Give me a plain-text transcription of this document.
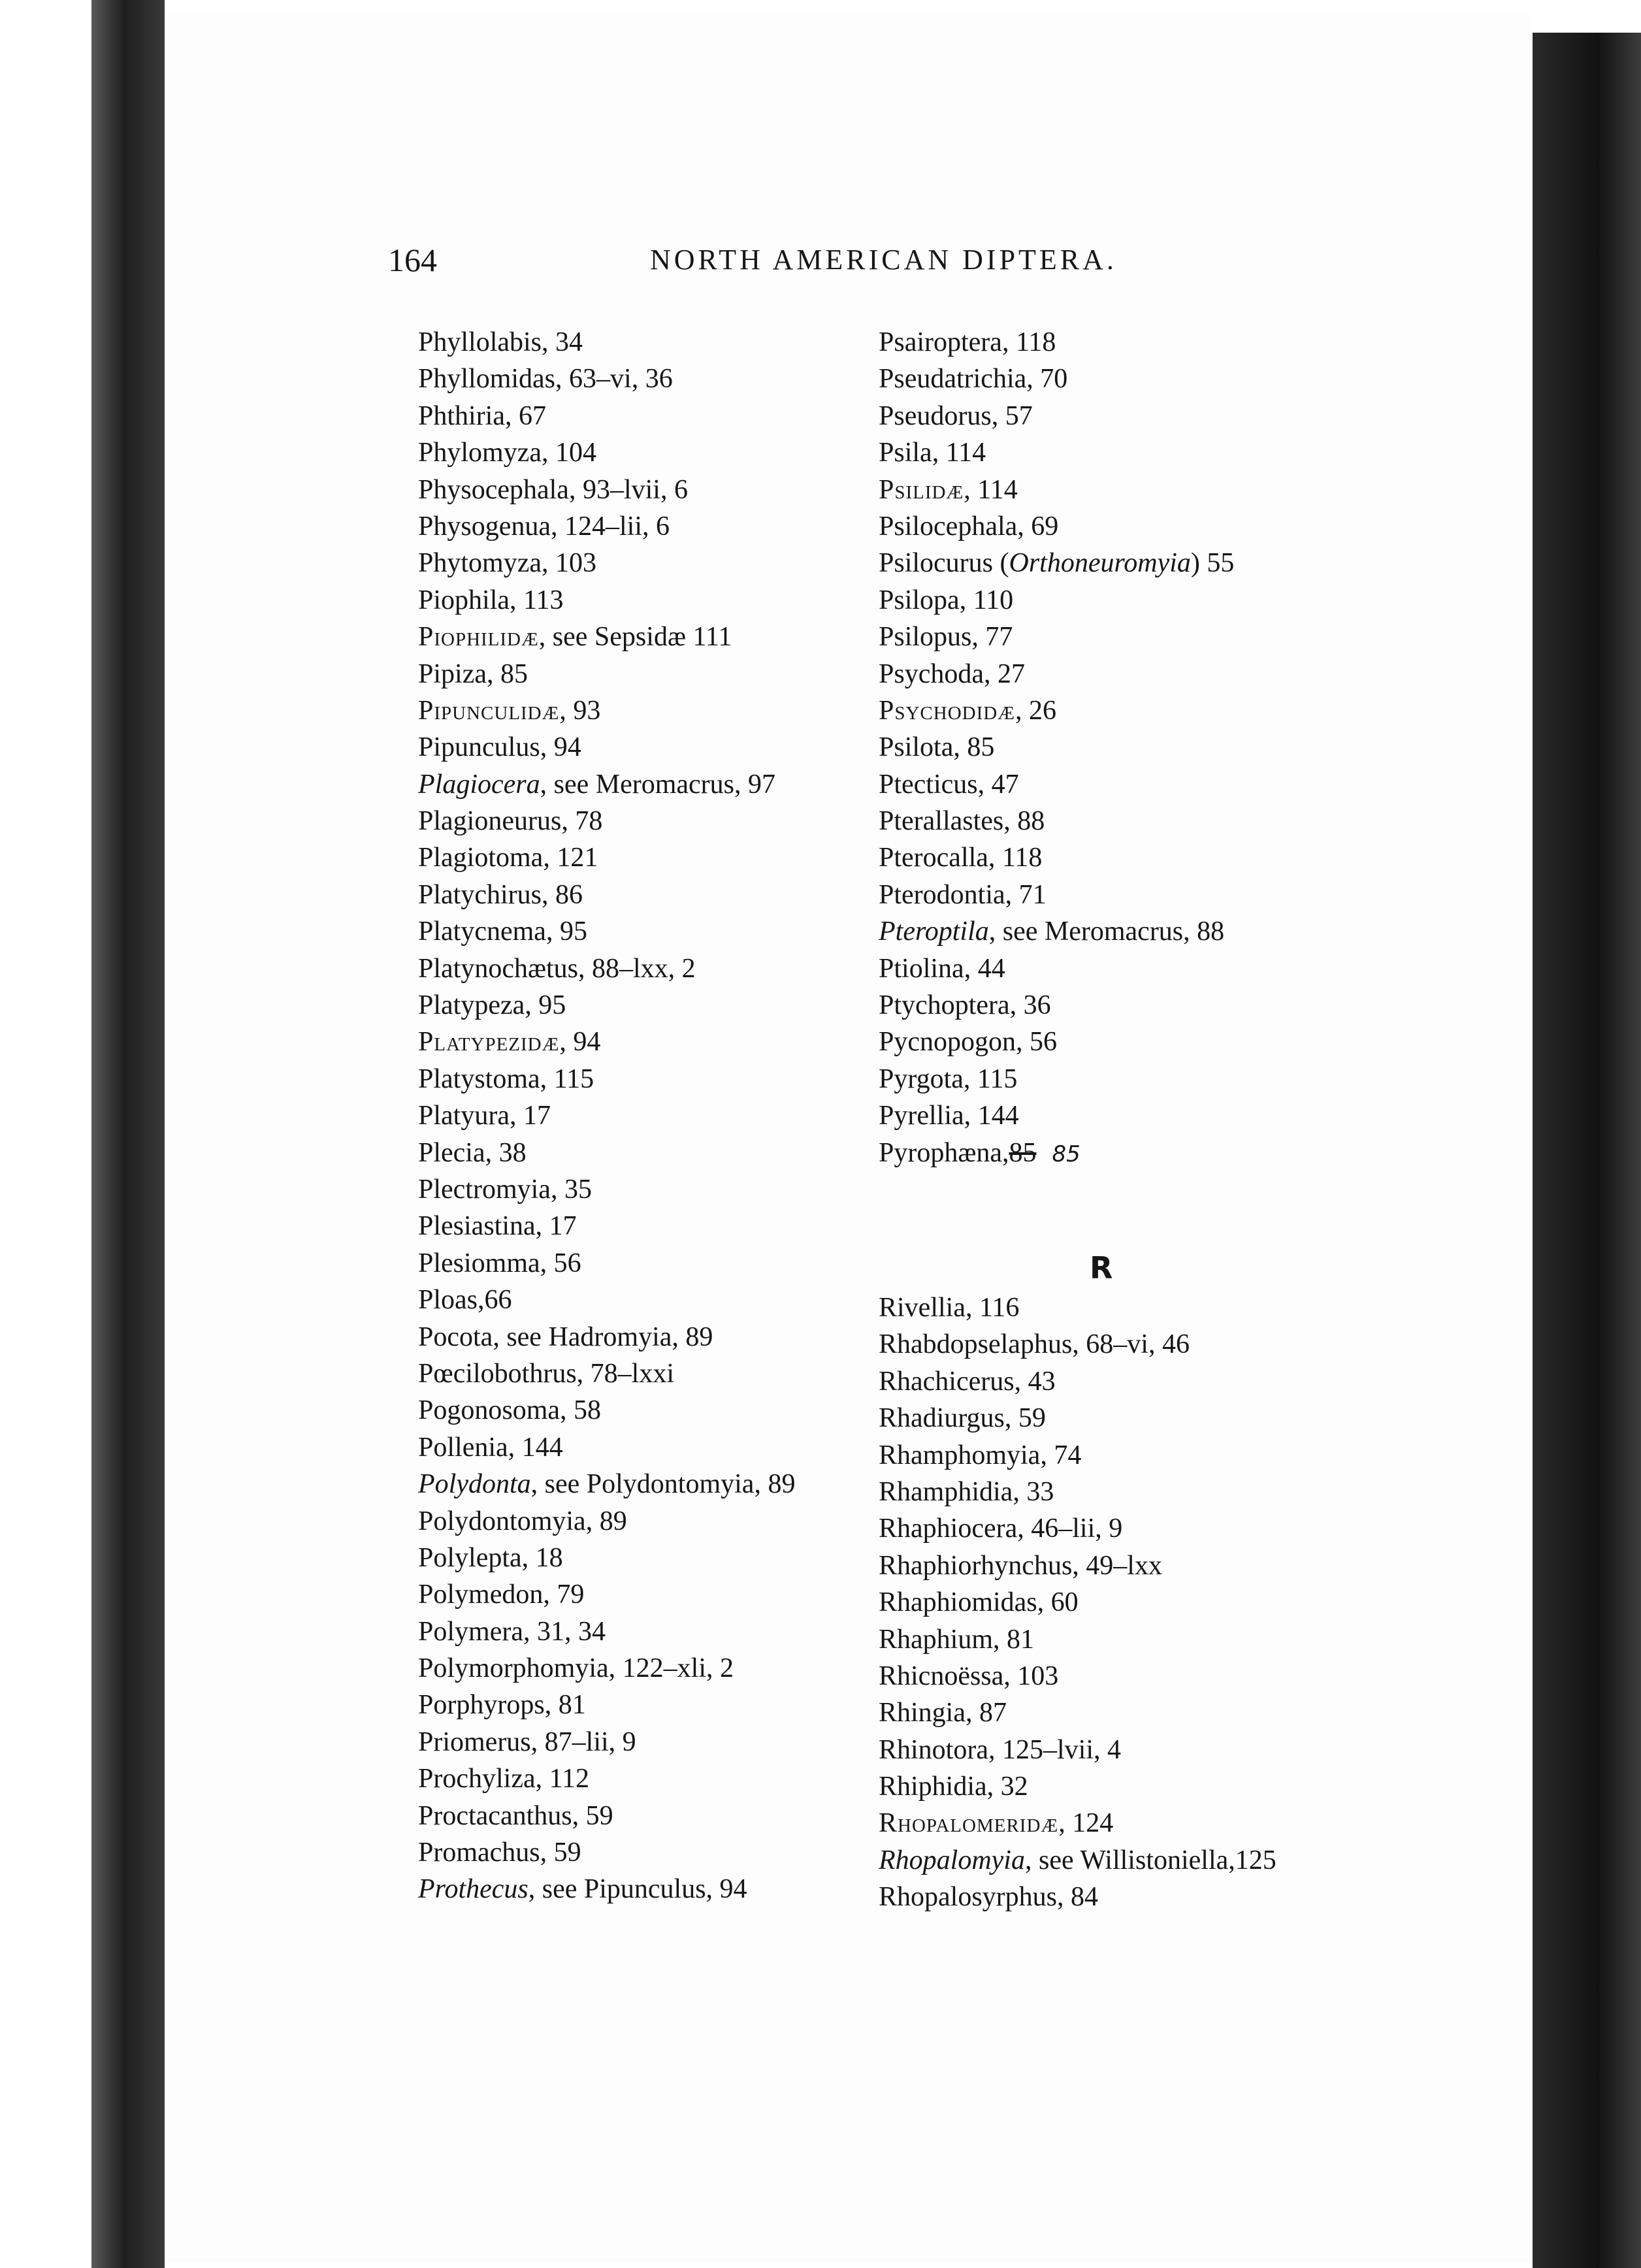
164	NORTH AMERICAN DIPTERA.
Phyllolabis, 34
Phyllomidas, 63–vi, 36
Phthiria, 67
Phylomyza, 104
Physocephala, 93–lvii, 6
Physogenua, 124–lii, 6
Phytomyza, 103
Piophila, 113
Piophilidæ, see Sepsidæ 111
Pipiza, 85
Pipunculidæ, 93
Pipunculus, 94
Plagiocera, see Meromacrus, 97
Plagioneurus, 78
Plagiotoma, 121
Platychirus, 86
Platycnema, 95
Platynochætus, 88–lxx, 2
Platypeza, 95
Platypezidæ, 94
Platystoma, 115
Platyura, 17
Plecia, 38
Plectromyia, 35
Plesiastina, 17
Plesiomma, 56
Ploas,66
Pocota, see Hadromyia, 89
Pœcilobothrus, 78–lxxi
Pogonosoma, 58
Pollenia, 144
Polydonta, see Polydontomyia, 89
Polydontomyia, 89
Polylepta, 18
Polymedon, 79
Polymera, 31, 34
Polymorphomyia, 122–xli, 2
Porphyrops, 81
Priomerus, 87–lii, 9
Prochyliza, 112
Proctacanthus, 59
Promachus, 59
Prothecus, see Pipunculus, 94
Psairoptera, 118
Pseudatrichia, 70
Pseudorus, 57
Psila, 114
Psilidæ, 114
Psilocephala, 69
Psilocurus (Orthoneuromyia) 55
Psilopa, 110
Psilopus, 77
Psychoda, 27
Psychodidæ, 26
Psilota, 85
Ptecticus, 47
Pterallastes, 88
Pterocalla, 118
Pterodontia, 71
Pteroptila, see Meromacrus, 88
Ptiolina, 44
Ptychoptera, 36
Pycnopogon, 56
Pyrgota, 115
Pyrellia, 144
Pyrophæna,85 85
R
Rivellia, 116
Rhabdopselaphus, 68–vi, 46
Rhachicerus, 43
Rhadiurgus, 59
Rhamphomyia, 74
Rhamphidia, 33
Rhaphiocera, 46–lii, 9
Rhaphiorhynchus, 49–lxx
Rhaphiomidas, 60
Rhaphium, 81
Rhicnoëssa, 103
Rhingia, 87
Rhinotora, 125–lvii, 4
Rhiphidia, 32
Rhopalomeridæ, 124
Rhopalomyia, see Willistoniella,125
Rhopalosyrphus, 84
